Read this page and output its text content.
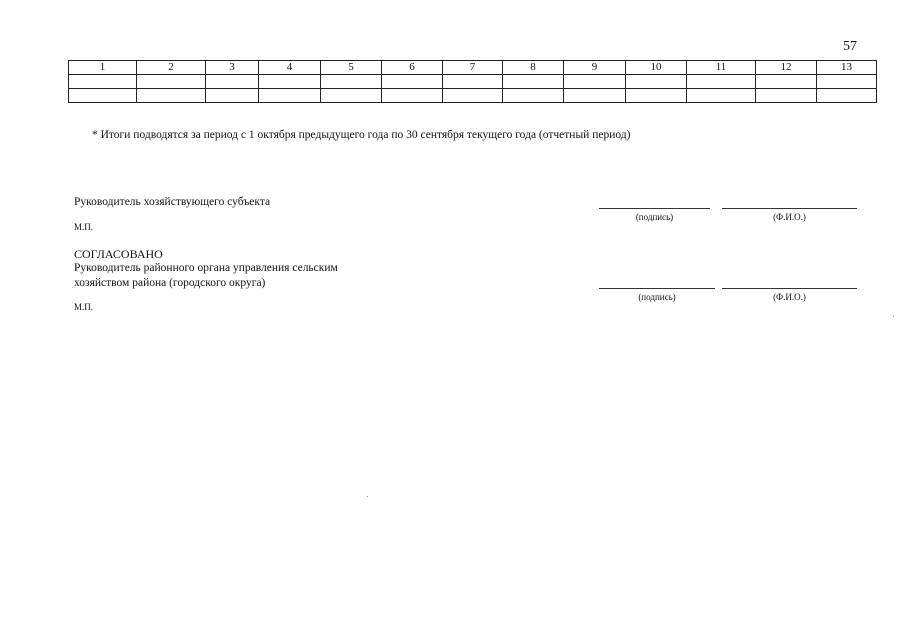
57
1	2	3	4	5	6	7	8	9	10	11	12	13

* Итоги подводятся за период с 1 октября предыдущего года по 30 сентября текущего года (отчетный период)
Руководитель хозяйствующего субъекта
М.П.
(подпись)	(Ф.И.О.)
СОГЛАСОВАНО
Руководитель районного органа управления сельским
хозяйством района (городского округа)
М.П.
(подпись)	(Ф.И.О.)
